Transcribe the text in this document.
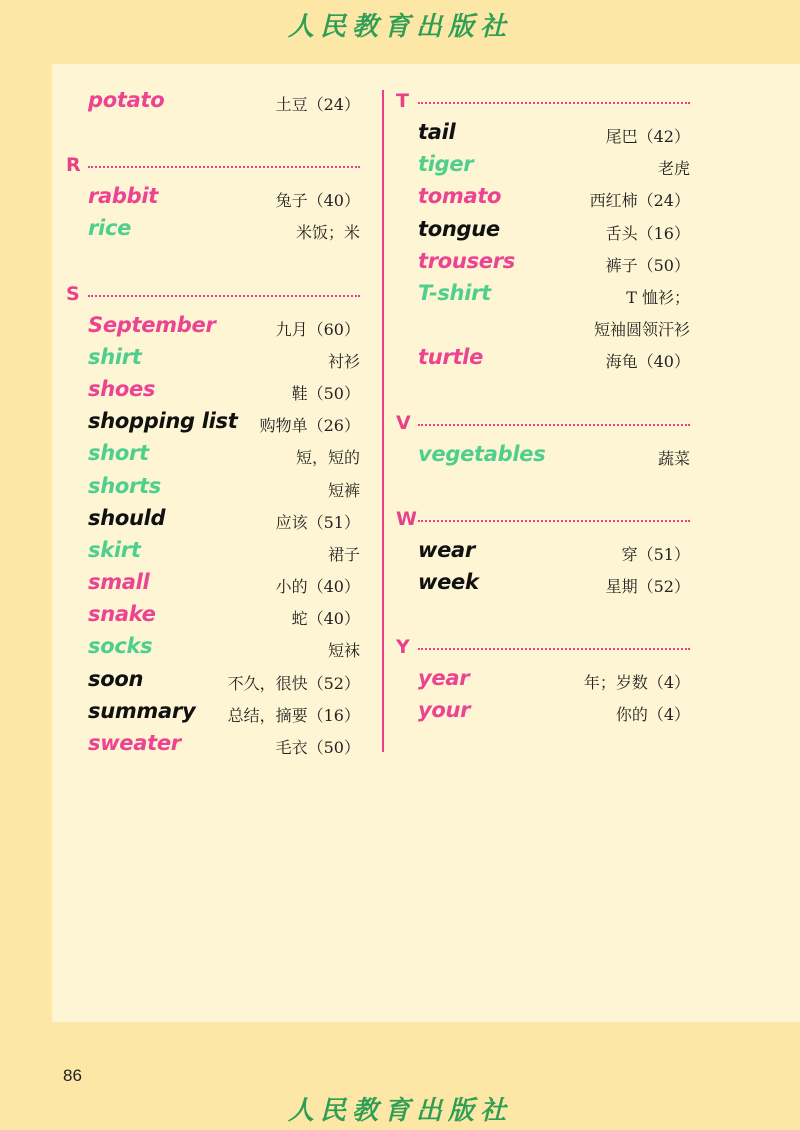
人民教育出版社
potato	土豆（24）
R
rabbit	兔子（40）
rice	米饭；米
S
September	九月（60）
shirt	衬衫
shoes	鞋（50）
shopping list 购物单（26）
short	短，短的
shorts	短裤
should	应该（51）
skirt	裙子
small	小的（40）
snake	蛇（40）
socks	短袜
soon	不久，很快（52）
summary 总结，摘要（16）
sweater	毛衣（50）
T
tail	尾巴（42）
tiger	老虎
tomato	西红柿（24）
tongue	舌头（16）
trousers	裤子（50）
T-shirt	T 恤衫；
短袖圆领汗衫
turtle	海龟（40）
V
vegetables	蔬菜
W
wear	穿（51）
week	星期（52）
Y
year	年；岁数（4）
your	你的（4）
86
人民教育出版社
